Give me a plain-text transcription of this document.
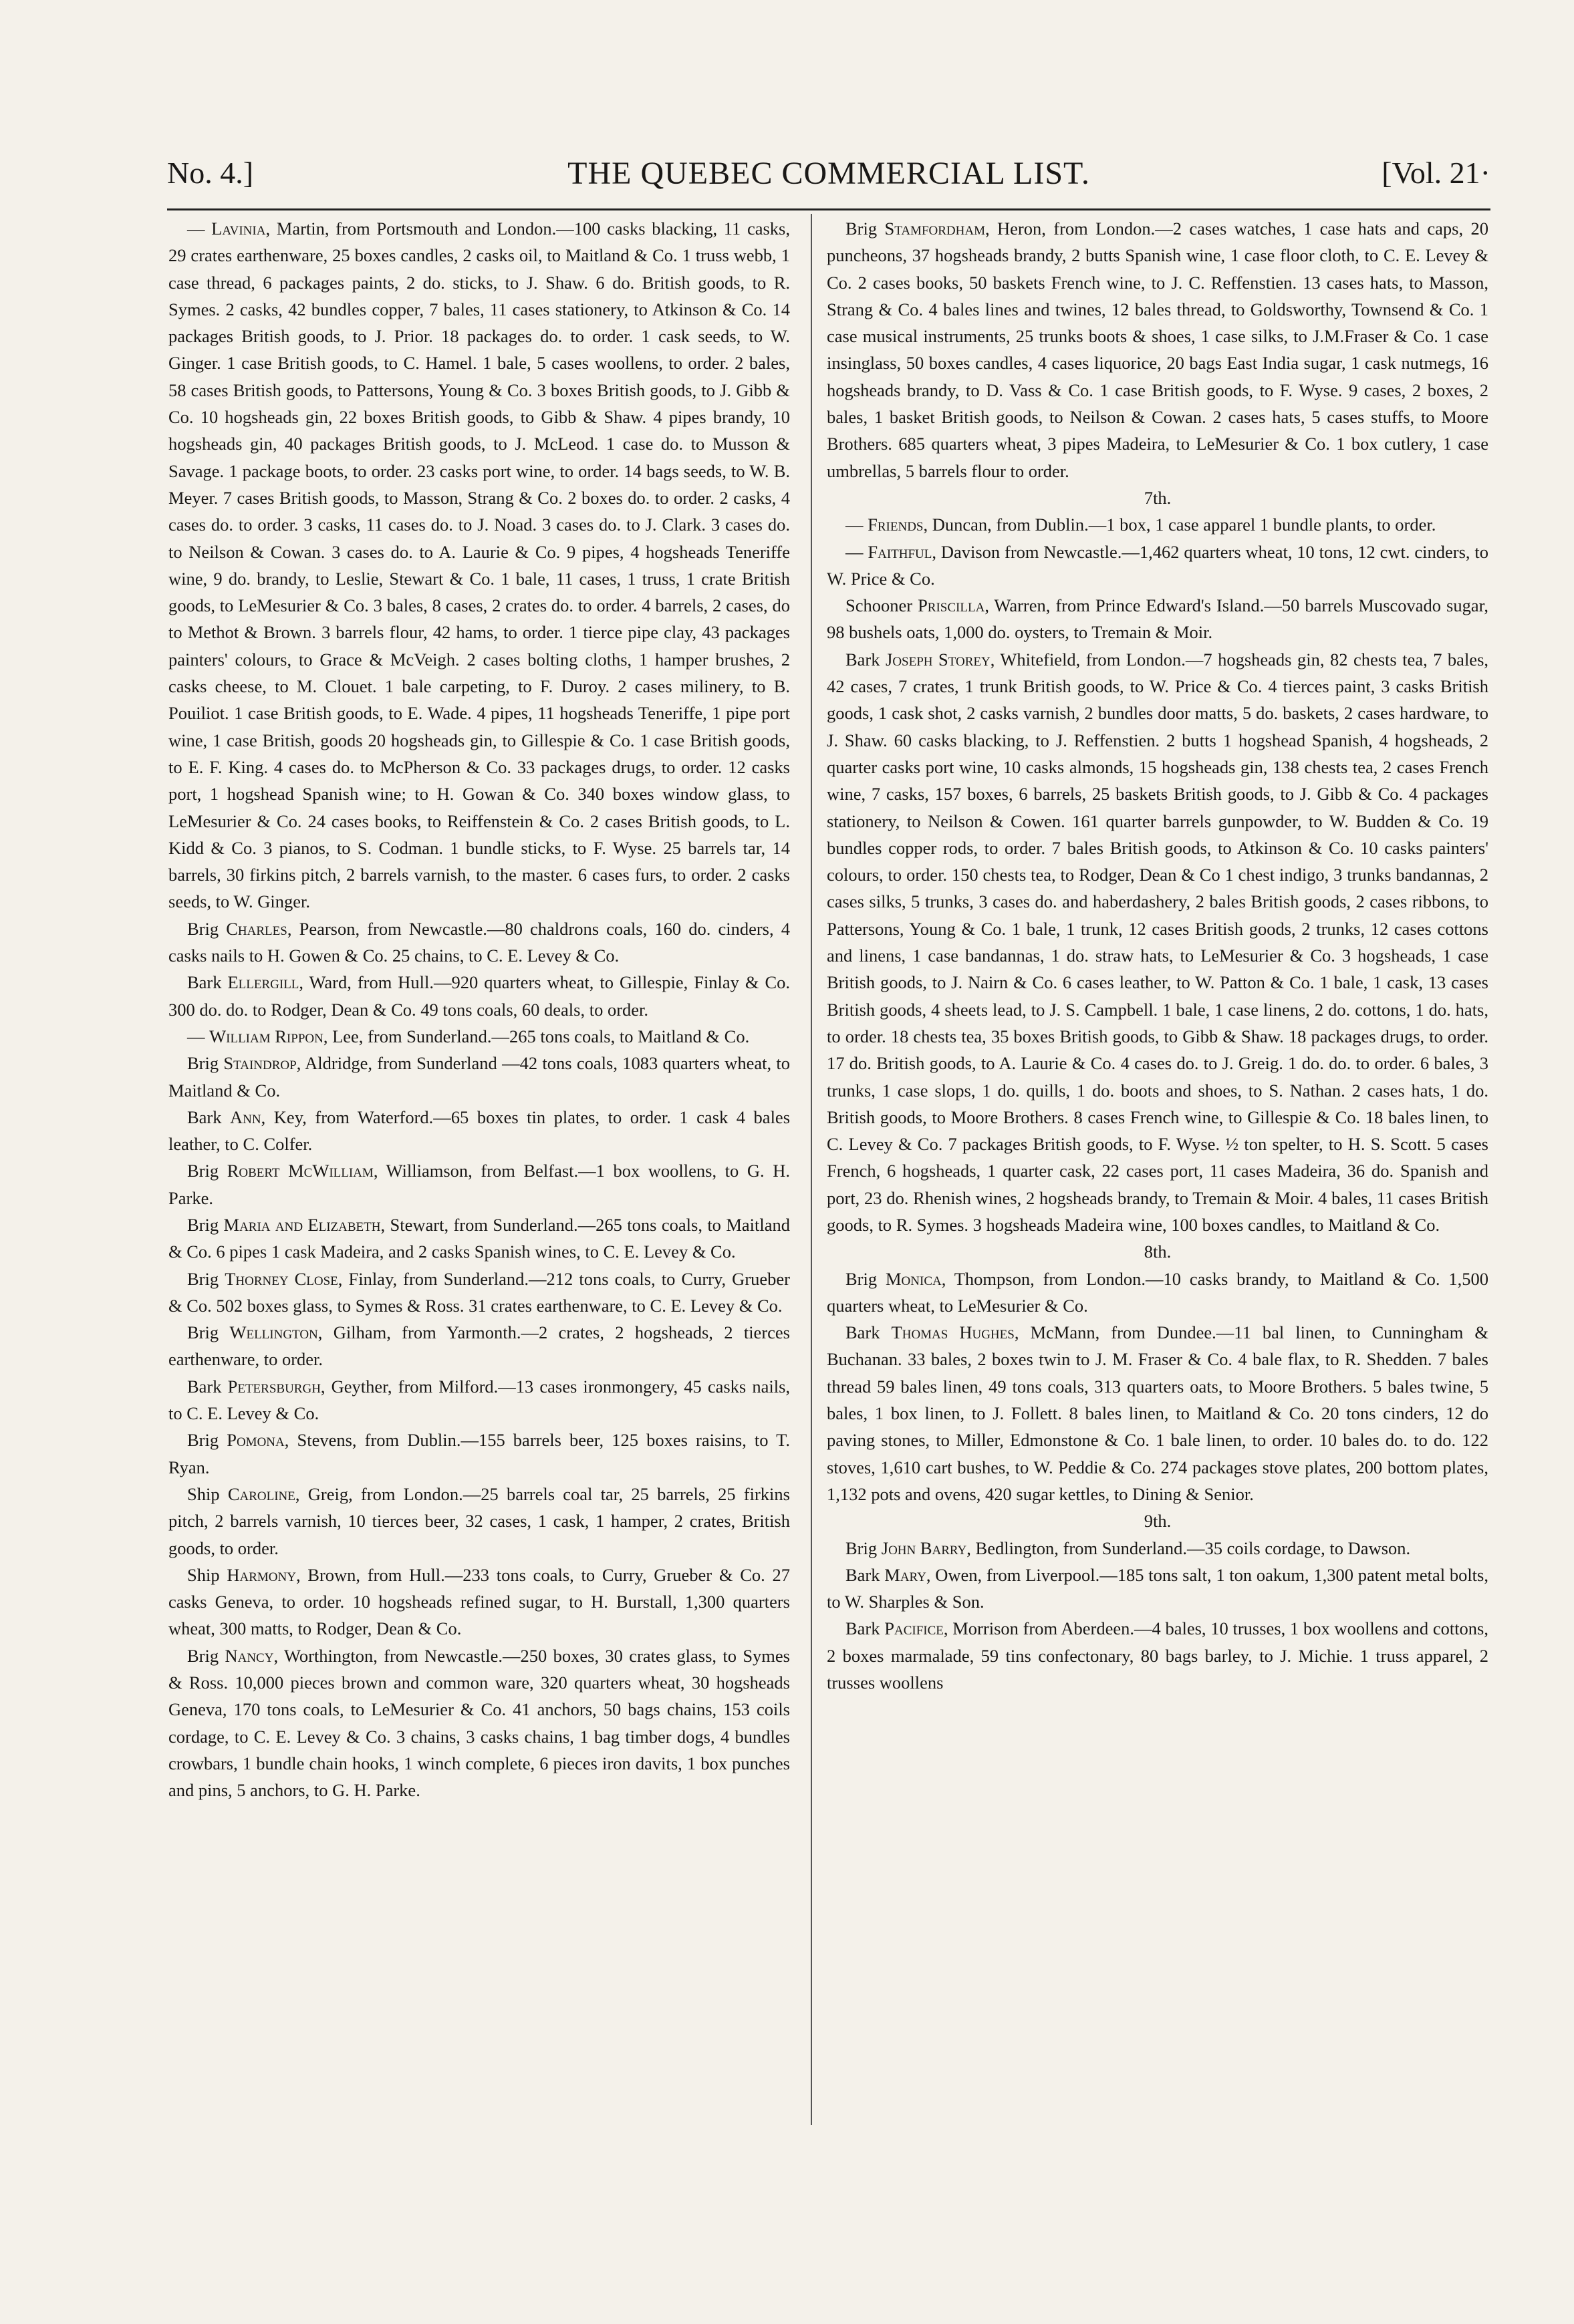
No. 4.]	THE QUEBEC COMMERCIAL LIST.	[Vol. 21·

— Lavinia, Martin, from Portsmouth and London.—100 casks blacking, 11 casks, 29 crates earthenware, 25 boxes candles, 2 casks oil, to Maitland & Co. 1 truss webb, 1 case thread, 6 packages paints, 2 do. sticks, to J. Shaw. 6 do. British goods, to R. Symes. 2 casks, 42 bundles copper, 7 bales, 11 cases stationery, to Atkinson & Co. 14 packages British goods, to J. Prior. 18 packages do. to order. 1 cask seeds, to W. Ginger. 1 case British goods, to C. Hamel. 1 bale, 5 cases woollens, to order. 2 bales, 58 cases British goods, to Pattersons, Young & Co. 3 boxes British goods, to J. Gibb & Co. 10 hogsheads gin, 22 boxes British goods, to Gibb & Shaw. 4 pipes brandy, 10 hogsheads gin, 40 packages British goods, to J. McLeod. 1 case do. to Musson & Savage. 1 package boots, to order. 23 casks port wine, to order. 14 bags seeds, to W. B. Meyer. 7 cases British goods, to Masson, Strang & Co. 2 boxes do. to order. 2 casks, 4 cases do. to order. 3 casks, 11 cases do. to J. Noad. 3 cases do. to J. Clark. 3 cases do. to Neilson & Cowan. 3 cases do. to A. Laurie & Co. 9 pipes, 4 hogsheads Teneriffe wine, 9 do. brandy, to Leslie, Stewart & Co. 1 bale, 11 cases, 1 truss, 1 crate British goods, to LeMesurier & Co. 3 bales, 8 cases, 2 crates do. to order. 4 barrels, 2 cases, do to Methot & Brown. 3 barrels flour, 42 hams, to order. 1 tierce pipe clay, 43 packages painters' colours, to Grace & McVeigh. 2 cases bolting cloths, 1 hamper brushes, 2 casks cheese, to M. Clouet. 1 bale carpeting, to F. Duroy. 2 cases milinery, to B. Pouiliot. 1 case British goods, to E. Wade. 4 pipes, 11 hogsheads Teneriffe, 1 pipe port wine, 1 case British, goods 20 hogsheads gin, to Gillespie & Co. 1 case British goods, to E. F. King. 4 cases do. to McPherson & Co. 33 packages drugs, to order. 12 casks port, 1 hogshead Spanish wine; to H. Gowan & Co. 340 boxes window glass, to LeMesurier & Co. 24 cases books, to Reiffenstein & Co. 2 cases British goods, to L. Kidd & Co. 3 pianos, to S. Codman. 1 bundle sticks, to F. Wyse. 25 barrels tar, 14 barrels, 30 firkins pitch, 2 barrels varnish, to the master. 6 cases furs, to order. 2 casks seeds, to W. Ginger.

Brig Charles, Pearson, from Newcastle.—80 chaldrons coals, 160 do. cinders, 4 casks nails to H. Gowen & Co. 25 chains, to C. E. Levey & Co.

Bark Ellergill, Ward, from Hull.—920 quarters wheat, to Gillespie, Finlay & Co. 300 do. do. to Rodger, Dean & Co. 49 tons coals, 60 deals, to order.

— William Rippon, Lee, from Sunderland.—265 tons coals, to Maitland & Co.

Brig Staindrop, Aldridge, from Sunderland —42 tons coals, 1083 quarters wheat, to Maitland & Co.

Bark Ann, Key, from Waterford.—65 boxes tin plates, to order. 1 cask 4 bales leather, to C. Colfer.

Brig Robert McWilliam, Williamson, from Belfast.—1 box woollens, to G. H. Parke.

Brig Maria and Elizabeth, Stewart, from Sunderland.—265 tons coals, to Maitland & Co. 6 pipes 1 cask Madeira, and 2 casks Spanish wines, to C. E. Levey & Co.

Brig Thorney Close, Finlay, from Sunderland.—212 tons coals, to Curry, Grueber & Co. 502 boxes glass, to Symes & Ross. 31 crates earthenware, to C. E. Levey & Co.

Brig Wellington, Gilham, from Yarmonth.—2 crates, 2 hogsheads, 2 tierces earthenware, to order.

Bark Petersburgh, Geyther, from Milford.—13 cases ironmongery, 45 casks nails, to C. E. Levey & Co.

Brig Pomona, Stevens, from Dublin.—155 barrels beer, 125 boxes raisins, to T. Ryan.

Ship Caroline, Greig, from London.—25 barrels coal tar, 25 barrels, 25 firkins pitch, 2 barrels varnish, 10 tierces beer, 32 cases, 1 cask, 1 hamper, 2 crates, British goods, to order.

Ship Harmony, Brown, from Hull.—233 tons coals, to Curry, Grueber & Co. 27 casks Geneva, to order. 10 hogsheads refined sugar, to H. Burstall, 1,300 quarters wheat, 300 matts, to Rodger, Dean & Co.

Brig Nancy, Worthington, from Newcastle.—250 boxes, 30 crates glass, to Symes & Ross. 10,000 pieces brown and common ware, 320 quarters wheat, 30 hogsheads Geneva, 170 tons coals, to LeMesurier & Co. 41 anchors, 50 bags chains, 153 coils cordage, to C. E. Levey & Co. 3 chains, 3 casks chains, 1 bag timber dogs, 4 bundles crowbars, 1 bundle chain hooks, 1 winch complete, 6 pieces iron davits, 1 box punches and pins, 5 anchors, to G. H. Parke.

Brig Stamfordham, Heron, from London.—2 cases watches, 1 case hats and caps, 20 puncheons, 37 hogsheads brandy, 2 butts Spanish wine, 1 case floor cloth, to C. E. Levey & Co. 2 cases books, 50 baskets French wine, to J. C. Reffenstien. 13 cases hats, to Masson, Strang & Co. 4 bales lines and twines, 12 bales thread, to Goldsworthy, Townsend & Co. 1 case musical instruments, 25 trunks boots & shoes, 1 case silks, to J.M.Fraser & Co. 1 case insinglass, 50 boxes candles, 4 cases liquorice, 20 bags East India sugar, 1 cask nutmegs, 16 hogsheads brandy, to D. Vass & Co. 1 case British goods, to F. Wyse. 9 cases, 2 boxes, 2 bales, 1 basket British goods, to Neilson & Cowan. 2 cases hats, 5 cases stuffs, to Moore Brothers. 685 quarters wheat, 3 pipes Madeira, to LeMesurier & Co. 1 box cutlery, 1 case umbrellas, 5 barrels flour to order.

7th.

— Friends, Duncan, from Dublin.—1 box, 1 case apparel 1 bundle plants, to order.

— Faithful, Davison from Newcastle.—1,462 quarters wheat, 10 tons, 12 cwt. cinders, to W. Price & Co.

Schooner Priscilla, Warren, from Prince Edward's Island.—50 barrels Muscovado sugar, 98 bushels oats, 1,000 do. oysters, to Tremain & Moir.

Bark Joseph Storey, Whitefield, from London.—7 hogsheads gin, 82 chests tea, 7 bales, 42 cases, 7 crates, 1 trunk British goods, to W. Price & Co. 4 tierces paint, 3 casks British goods, 1 cask shot, 2 casks varnish, 2 bundles door matts, 5 do. baskets, 2 cases hardware, to J. Shaw. 60 casks blacking, to J. Reffenstien. 2 butts 1 hogshead Spanish, 4 hogsheads, 2 quarter casks port wine, 10 casks almonds, 15 hogsheads gin, 138 chests tea, 2 cases French wine, 7 casks, 157 boxes, 6 barrels, 25 baskets British goods, to J. Gibb & Co. 4 packages stationery, to Neilson & Cowen. 161 quarter barrels gunpowder, to W. Budden & Co. 19 bundles copper rods, to order. 7 bales British goods, to Atkinson & Co. 10 casks painters' colours, to order. 150 chests tea, to Rodger, Dean & Co 1 chest indigo, 3 trunks bandannas, 2 cases silks, 5 trunks, 3 cases do. and haberdashery, 2 bales British goods, 2 cases ribbons, to Pattersons, Young & Co. 1 bale, 1 trunk, 12 cases British goods, 2 trunks, 12 cases cottons and linens, 1 case bandannas, 1 do. straw hats, to LeMesurier & Co. 3 hogsheads, 1 case British goods, to J. Nairn & Co. 6 cases leather, to W. Patton & Co. 1 bale, 1 cask, 13 cases British goods, 4 sheets lead, to J. S. Campbell. 1 bale, 1 case linens, 2 do. cottons, 1 do. hats, to order. 18 chests tea, 35 boxes British goods, to Gibb & Shaw. 18 packages drugs, to order. 17 do. British goods, to A. Laurie & Co. 4 cases do. to J. Greig. 1 do. do. to order. 6 bales, 3 trunks, 1 case slops, 1 do. quills, 1 do. boots and shoes, to S. Nathan. 2 cases hats, 1 do. British goods, to Moore Brothers. 8 cases French wine, to Gillespie & Co. 18 bales linen, to C. Levey & Co. 7 packages British goods, to F. Wyse. ½ ton spelter, to H. S. Scott. 5 cases French, 6 hogsheads, 1 quarter cask, 22 cases port, 11 cases Madeira, 36 do. Spanish and port, 23 do. Rhenish wines, 2 hogsheads brandy, to Tremain & Moir. 4 bales, 11 cases British goods, to R. Symes. 3 hogsheads Madeira wine, 100 boxes candles, to Maitland & Co.

8th.

Brig Monica, Thompson, from London.—10 casks brandy, to Maitland & Co. 1,500 quarters wheat, to LeMesurier & Co.

Bark Thomas Hughes, McMann, from Dundee.—11 bal linen, to Cunningham & Buchanan. 33 bales, 2 boxes twin to J. M. Fraser & Co. 4 bale flax, to R. Shedden. 7 bales thread 59 bales linen, 49 tons coals, 313 quarters oats, to Moore Brothers. 5 bales twine, 5 bales, 1 box linen, to J. Follett. 8 bales linen, to Maitland & Co. 20 tons cinders, 12 do paving stones, to Miller, Edmonstone & Co. 1 bale linen, to order. 10 bales do. to do. 122 stoves, 1,610 cart bushes, to W. Peddie & Co. 274 packages stove plates, 200 bottom plates, 1,132 pots and ovens, 420 sugar kettles, to Dining & Senior.

9th.

Brig John Barry, Bedlington, from Sunderland.—35 coils cordage, to Dawson.

Bark Mary, Owen, from Liverpool.—185 tons salt, 1 ton oakum, 1,300 patent metal bolts, to W. Sharples & Son.

Bark Pacifice, Morrison from Aberdeen.—4 bales, 10 trusses, 1 box woollens and cottons, 2 boxes marmalade, 59 tins confectonary, 80 bags barley, to J. Michie. 1 truss apparel, 2 trusses woollens
